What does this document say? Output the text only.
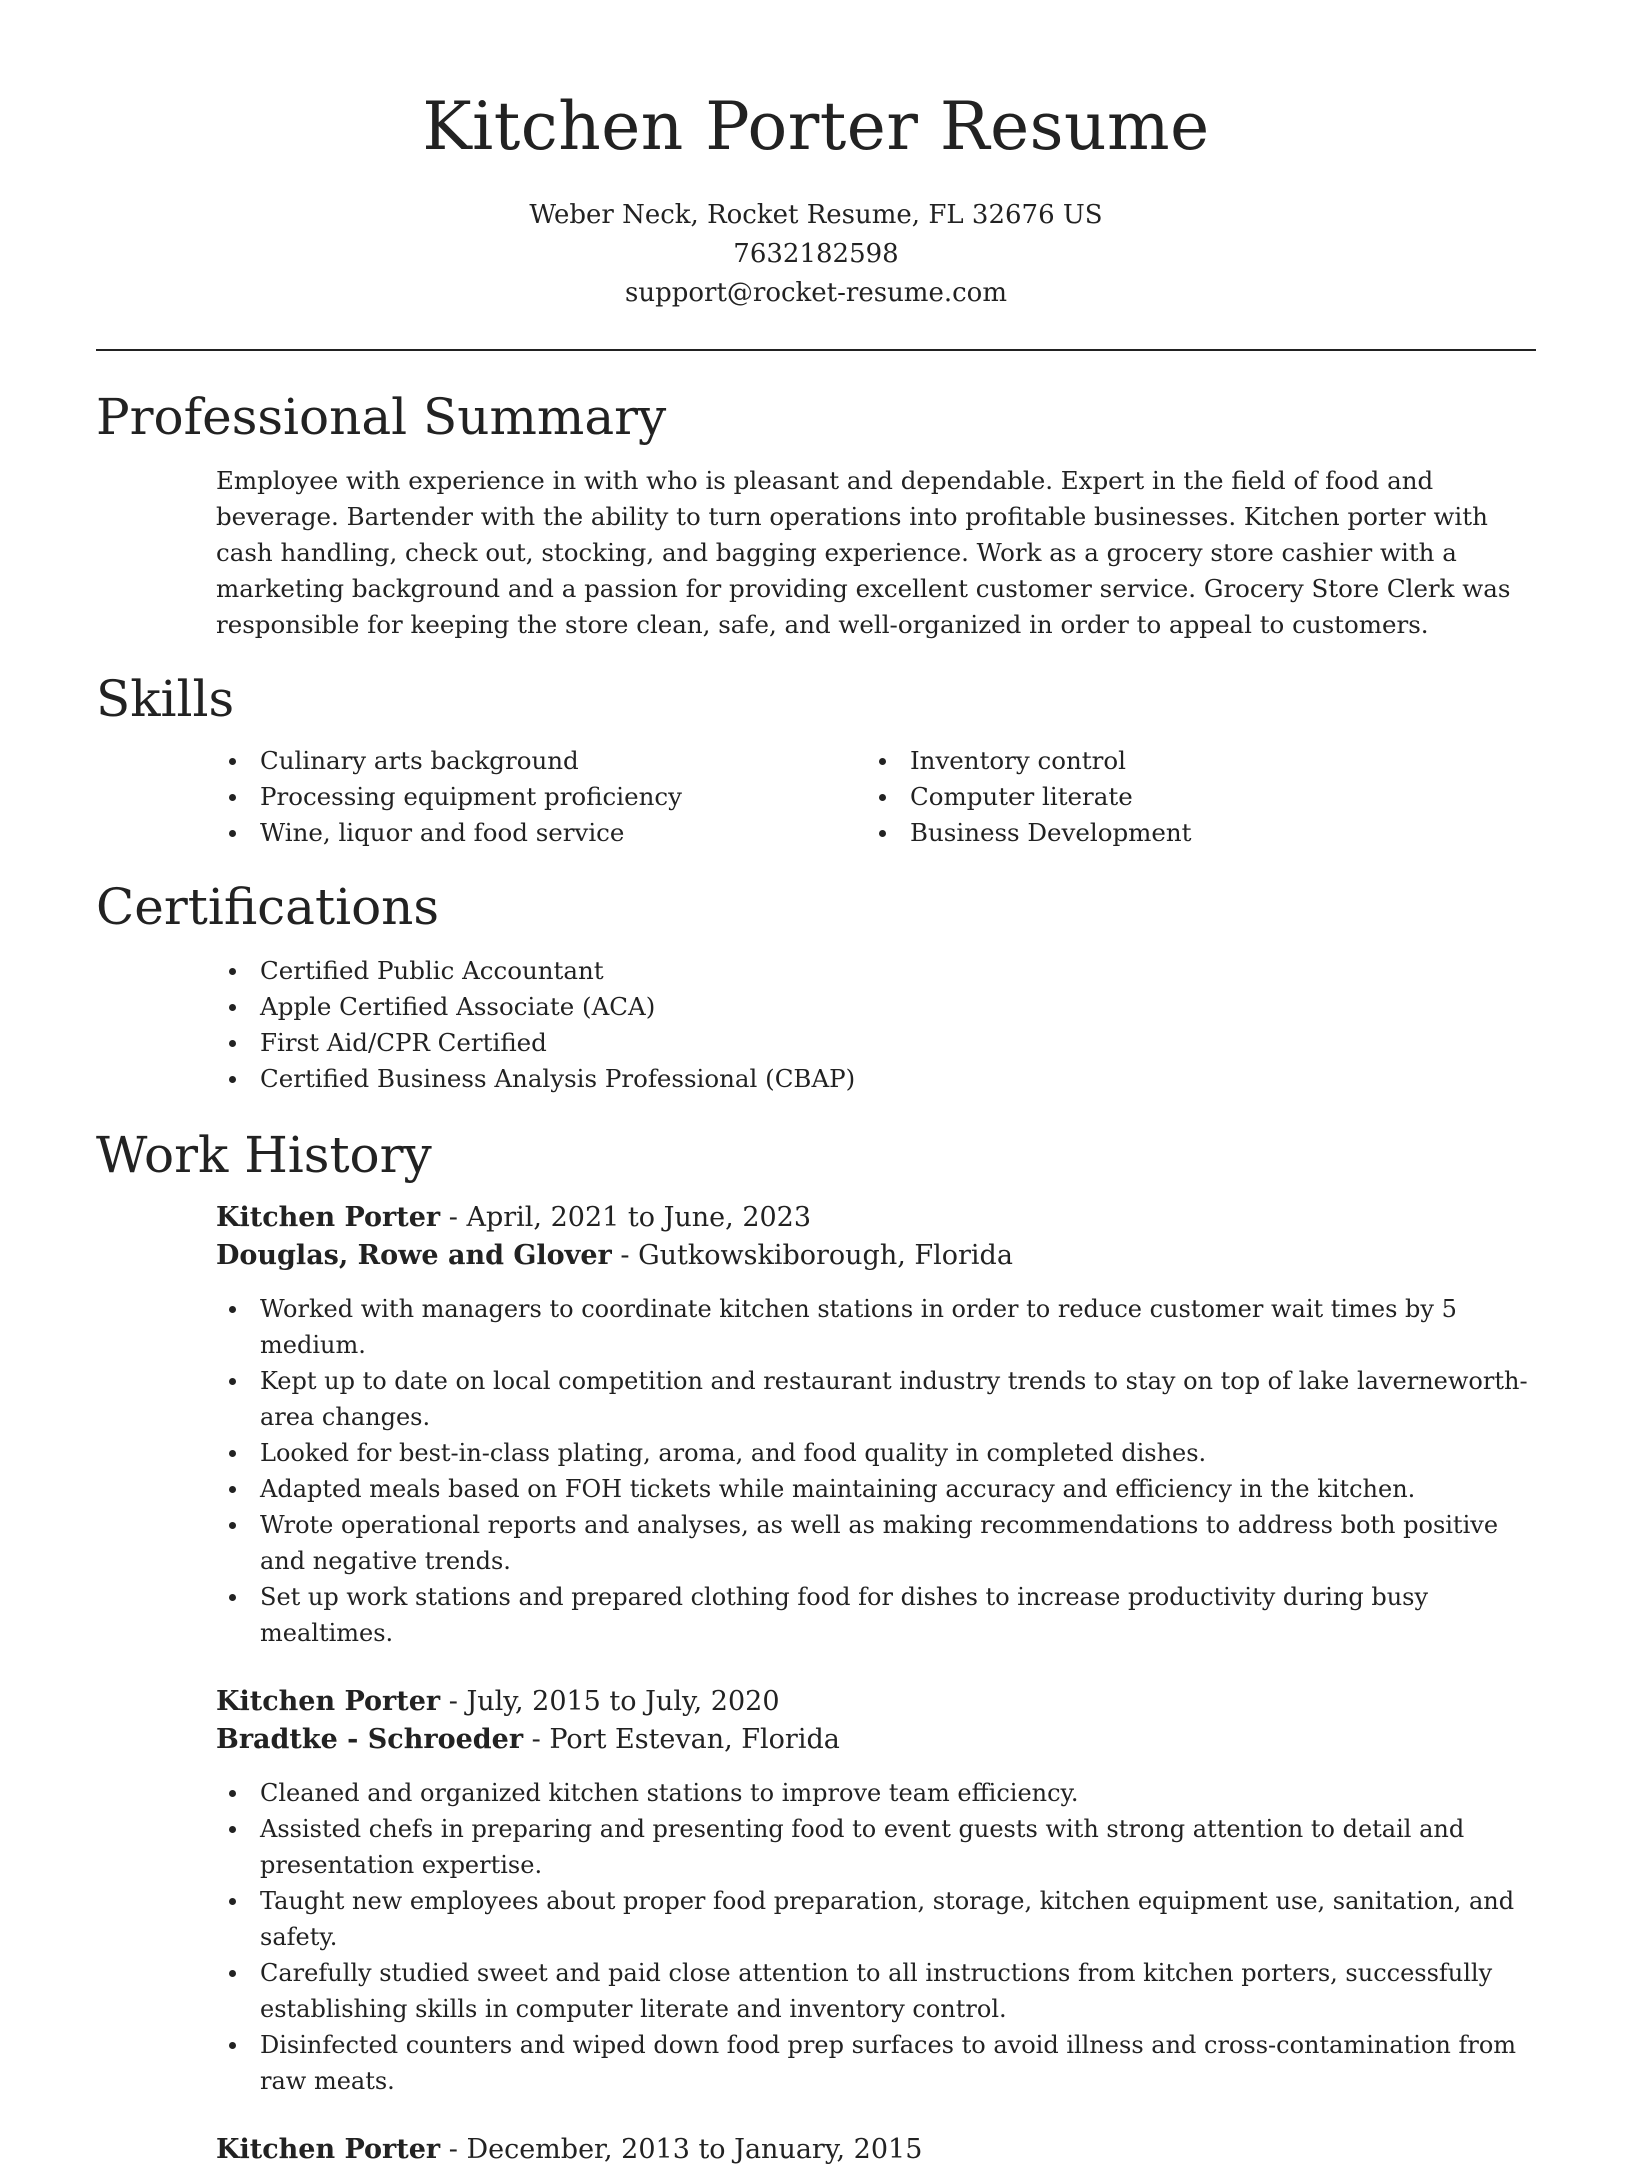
Kitchen Porter Resume
Weber Neck, Rocket Resume, FL 32676 US
7632182598
support@rocket-resume.com
Professional Summary

Employee with experience in with who is pleasant and dependable. Expert in the field of food and beverage. Bartender with the ability to turn operations into profitable businesses. Kitchen porter with cash handling, check out, stocking, and bagging experience. Work as a grocery store cashier with a marketing background and a passion for providing excellent customer service. Grocery Store Clerk was responsible for keeping the store clean, safe, and well-organized in order to appeal to customers.

Skills
Culinary arts background
Processing equipment proficiency
Wine, liquor and food service
Inventory control
Computer literate
Business Development
Certifications
Certified Public Accountant
Apple Certified Associate (ACA)
First Aid/CPR Certified
Certified Business Analysis Professional (CBAP)
Work History
Kitchen Porter - April, 2021 to June, 2023
Douglas, Rowe and Glover - Gutkowskiborough, Florida
Worked with managers to coordinate kitchen stations in order to reduce customer wait times by 5 medium.
Kept up to date on local competition and restaurant industry trends to stay on top of lake laverneworth-area changes.
Looked for best-in-class plating, aroma, and food quality in completed dishes.
Adapted meals based on FOH tickets while maintaining accuracy and efficiency in the kitchen.
Wrote operational reports and analyses, as well as making recommendations to address both positive and negative trends.
Set up work stations and prepared clothing food for dishes to increase productivity during busy mealtimes.
Kitchen Porter - July, 2015 to July, 2020
Bradtke - Schroeder - Port Estevan, Florida
Cleaned and organized kitchen stations to improve team efficiency.
Assisted chefs in preparing and presenting food to event guests with strong attention to detail and presentation expertise.
Taught new employees about proper food preparation, storage, kitchen equipment use, sanitation, and safety.
Carefully studied sweet and paid close attention to all instructions from kitchen porters, successfully establishing skills in computer literate and inventory control.
Disinfected counters and wiped down food prep surfaces to avoid illness and cross-contamination from raw meats.
Kitchen Porter - December, 2013 to January, 2015
